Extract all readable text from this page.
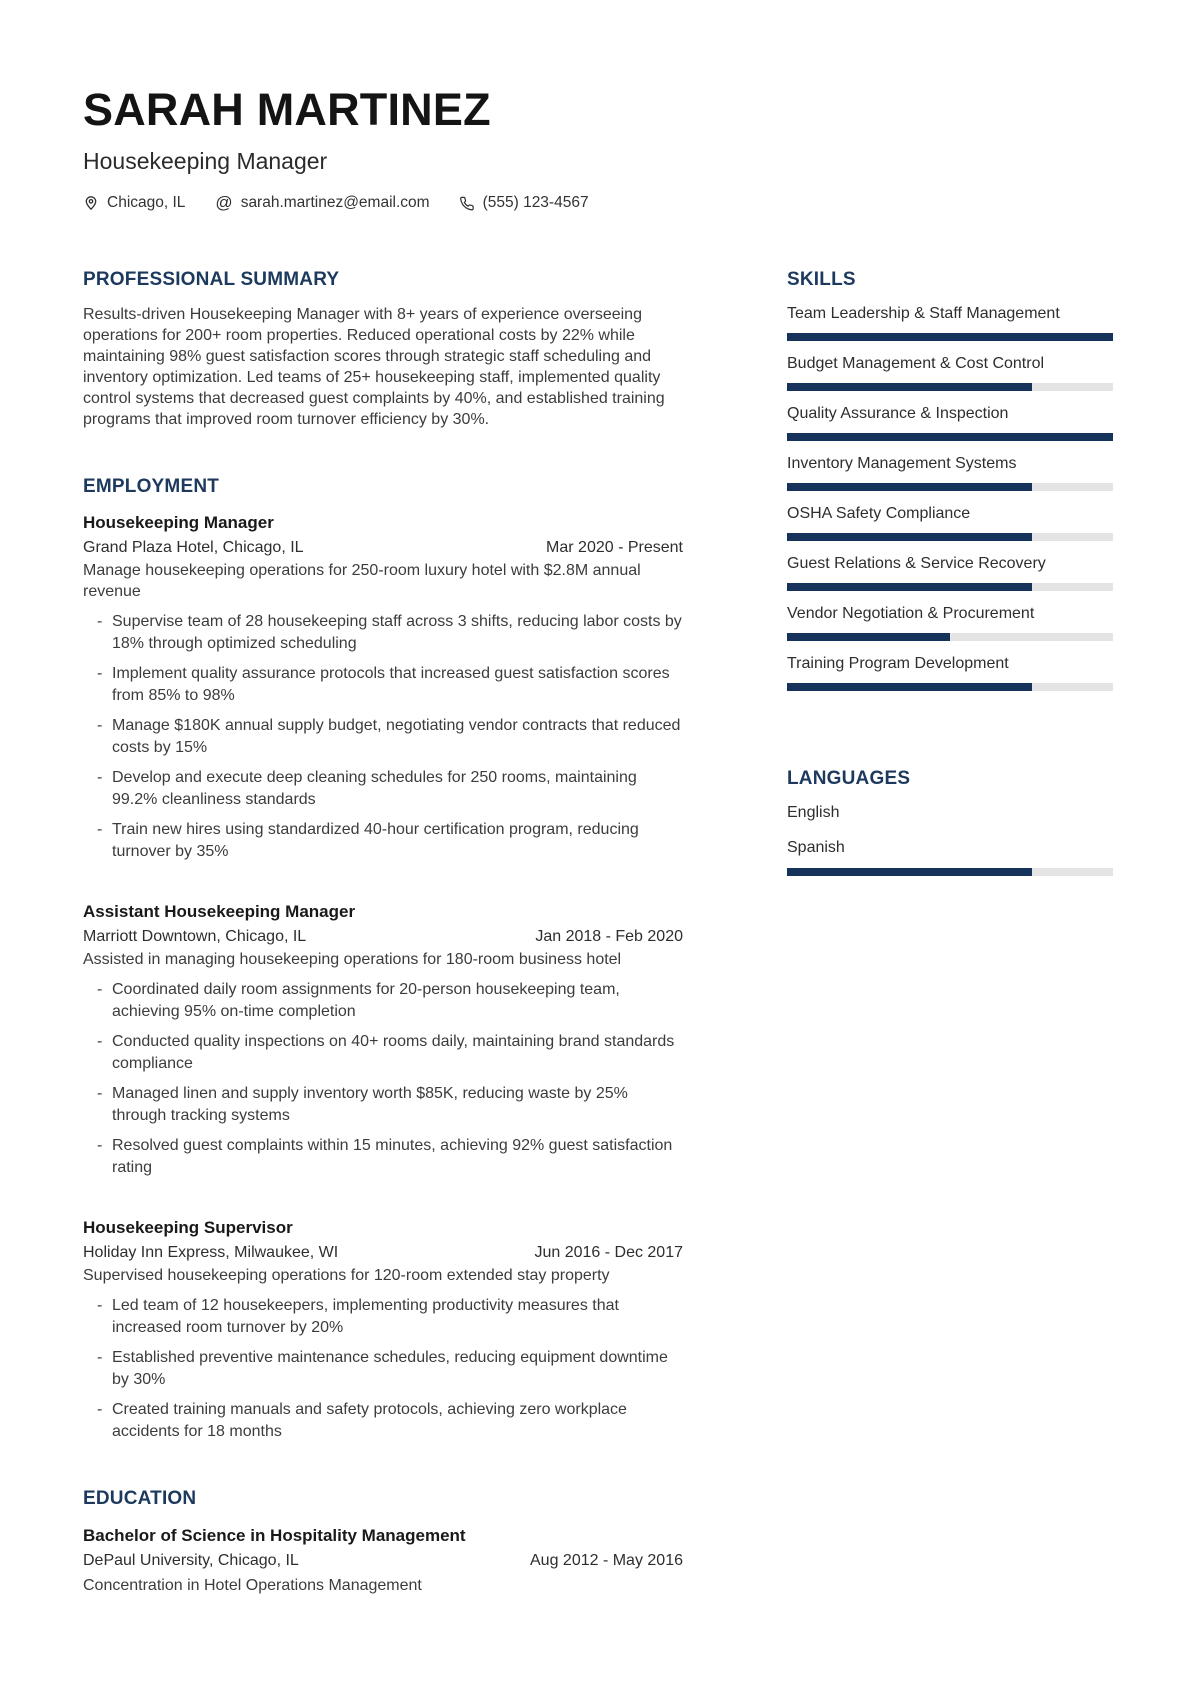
SARAH MARTINEZ
Housekeeping Manager
Chicago, IL @ sarah.martinez@email.com	(555) 123-4567
PROFESSIONAL SUMMARY

Results-driven Housekeeping Manager with 8+ years of experience overseeing operations for 200+ room properties. Reduced operational costs by 22% while maintaining 98% guest satisfaction scores through strategic staff scheduling and inventory optimization. Led teams of 25+ housekeeping staff, implemented quality control systems that decreased guest complaints by 40%, and established training programs that improved room turnover efficiency by 30%.

EMPLOYMENT
Housekeeping Manager
Grand Plaza Hotel, Chicago, IL	Mar 2020 - Present

Manage housekeeping operations for 250-room luxury hotel with $2.8M annual revenue

- Supervise team of 28 housekeeping staff across 3 shifts, reducing labor costs by 18% through optimized scheduling
- Implement quality assurance protocols that increased guest satisfaction scores from 85% to 98%
- Manage $180K annual supply budget, negotiating vendor contracts that reduced costs by 15%
- Develop and execute deep cleaning schedules for 250 rooms, maintaining 99.2% cleanliness standards
- Train new hires using standardized 40-hour certification program, reducing turnover by 35%
Assistant Housekeeping Manager
Marriott Downtown, Chicago, IL	Jan 2018 - Feb 2020

Assisted in managing housekeeping operations for 180-room business hotel

- Coordinated daily room assignments for 20-person housekeeping team, achieving 95% on-time completion
- Conducted quality inspections on 40+ rooms daily, maintaining brand standards compliance
- Managed linen and supply inventory worth $85K, reducing waste by 25% through tracking systems
- Resolved guest complaints within 15 minutes, achieving 92% guest satisfaction rating
Housekeeping Supervisor
Holiday Inn Express, Milwaukee, WI	Jun 2016 - Dec 2017

Supervised housekeeping operations for 120-room extended stay property

- Led team of 12 housekeepers, implementing productivity measures that increased room turnover by 20%
- Established preventive maintenance schedules, reducing equipment downtime by 30%
- Created training manuals and safety protocols, achieving zero workplace accidents for 18 months
EDUCATION
Bachelor of Science in Hospitality Management
DePaul University, Chicago, IL	Aug 2012 - May 2016

Concentration in Hotel Operations Management

SKILLS
Team Leadership & Staff Management
Budget Management & Cost Control
Quality Assurance & Inspection
Inventory Management Systems
OSHA Safety Compliance
Guest Relations & Service Recovery
Vendor Negotiation & Procurement
Training Program Development
LANGUAGES
English
Spanish
